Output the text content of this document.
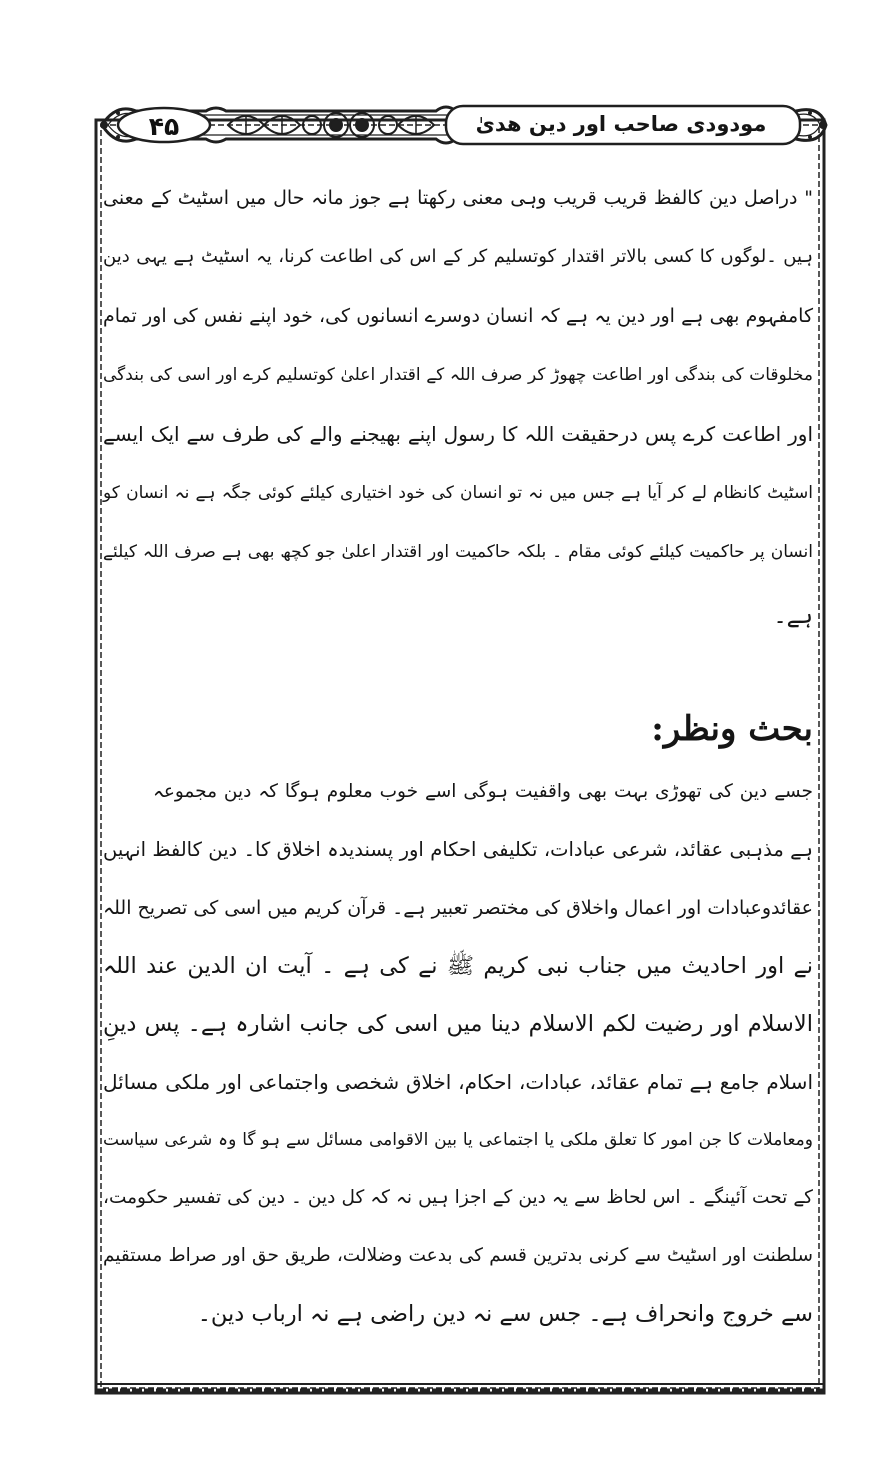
۴۵	مودودی صاحب اور دین ھدیٰ
" دراصل دین کالفظ قریب قریب وہی معنی رکھتا ہے جوز مانہ حال میں اسٹیٹ کے معنی
ہیں ۔لوگوں کا کسی بالاتر اقتدار کوتسلیم کر کے اس کی اطاعت کرنا، یہ اسٹیٹ ہے یہی دین
کامفہوم بھی ہے اور دین یہ ہے کہ انسان دوسرے انسانوں کی، خود اپنے نفس کی اور تمام
مخلوقات کی بندگی اور اطاعت چھوڑ کر صرف اللہ کے اقتدار اعلیٰ کوتسلیم کرے اور اسی کی بندگی
اور اطاعت کرے پس درحقیقت اللہ کا رسول اپنے بھیجنے والے کی طرف سے ایک ایسے
اسٹیٹ کانظام لے کر آیا ہے جس میں نہ تو انسان کی خود اختیاری کیلئے کوئی جگہ ہے نہ انسان کو
انسان پر حاکمیت کیلئے کوئی مقام ۔ بلکہ حاکمیت اور اقتدار اعلیٰ جو کچھ بھی ہے صرف اللہ کیلئے
ہے۔
بحث ونظر:
جسے دین کی تھوڑی بہت بھی واقفیت ہوگی اسے خوب معلوم ہوگا کہ دین مجموعہ
ہے مذہبی عقائد، شرعی عبادات، تکلیفی احکام اور پسندیدہ اخلاق کا۔ دین کالفظ انہیں
عقائدوعبادات اور اعمال واخلاق کی مختصر تعبیر ہے۔ قرآن کریم میں اسی کی تصریح اللہ
نے اور احادیث میں جناب نبی کریم ﷺ نے کی ہے ۔ آیت ان الدین عند اللہ
الاسلام اور رضیت لکم الاسلام دینا میں اسی کی جانب اشارہ ہے۔ پس دینِ
اسلام جامع ہے تمام عقائد، عبادات، احکام، اخلاق شخصی واجتماعی اور ملکی مسائل
ومعاملات کا جن امور کا تعلق ملکی یا اجتماعی یا بین الاقوامی مسائل سے ہو گا وہ شرعی سیاست
کے تحت آئینگے ۔ اس لحاظ سے یہ دین کے اجزا ہیں نہ کہ کل دین ۔ دین کی تفسیر حکومت،
سلطنت اور اسٹیٹ سے کرنی بدترین قسم کی بدعت وضلالت، طریق حق اور صراط مستقیم
سے خروج وانحراف ہے۔ جس سے نہ دین راضی ہے نہ ارباب دین۔
